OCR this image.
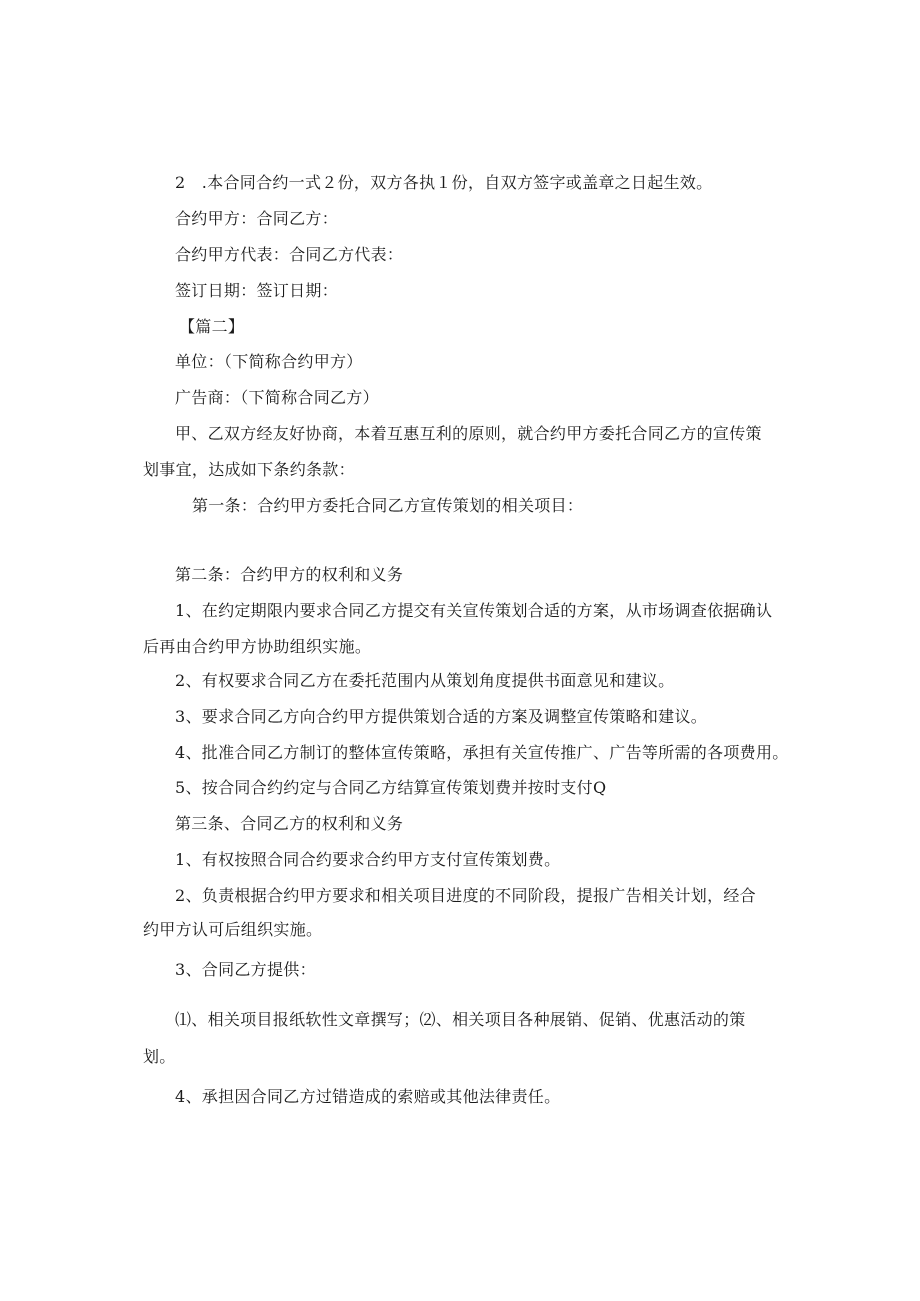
2　.本合同合约一式２份，双方各执１份，自双方签字或盖章之日起生效。
合约甲方：合同乙方：
合约甲方代表：合同乙方代表：
签订日期：签订日期：
【篇二】
单位：（下简称合约甲方）
广告商：（下简称合同乙方）
甲、乙双方经友好协商，本着互惠互利的原则，就合约甲方委托合同乙方的宣传策
划事宜，达成如下条约条款：
第一条：合约甲方委托合同乙方宣传策划的相关项目：
第二条：合约甲方的权利和义务
1、在约定期限内要求合同乙方提交有关宣传策划合适的方案，从市场调查依据确认
后再由合约甲方协助组织实施。
2、有权要求合同乙方在委托范围内从策划角度提供书面意见和建议。
3、要求合同乙方向合约甲方提供策划合适的方案及调整宣传策略和建议。
4、批准合同乙方制订的整体宣传策略，承担有关宣传推广、广告等所需的各项费用。
5、按合同合约约定与合同乙方结算宣传策划费并按时支付Q
第三条、合同乙方的权利和义务
1、有权按照合同合约要求合约甲方支付宣传策划费。
2、负责根据合约甲方要求和相关项目进度的不同阶段，提报广告相关计划，经合
约甲方认可后组织实施。
3、合同乙方提供：
⑴、相关项目报纸软性文章撰写；⑵、相关项目各种展销、促销、优惠活动的策
划。
4、承担因合同乙方过错造成的索赔或其他法律责任。
